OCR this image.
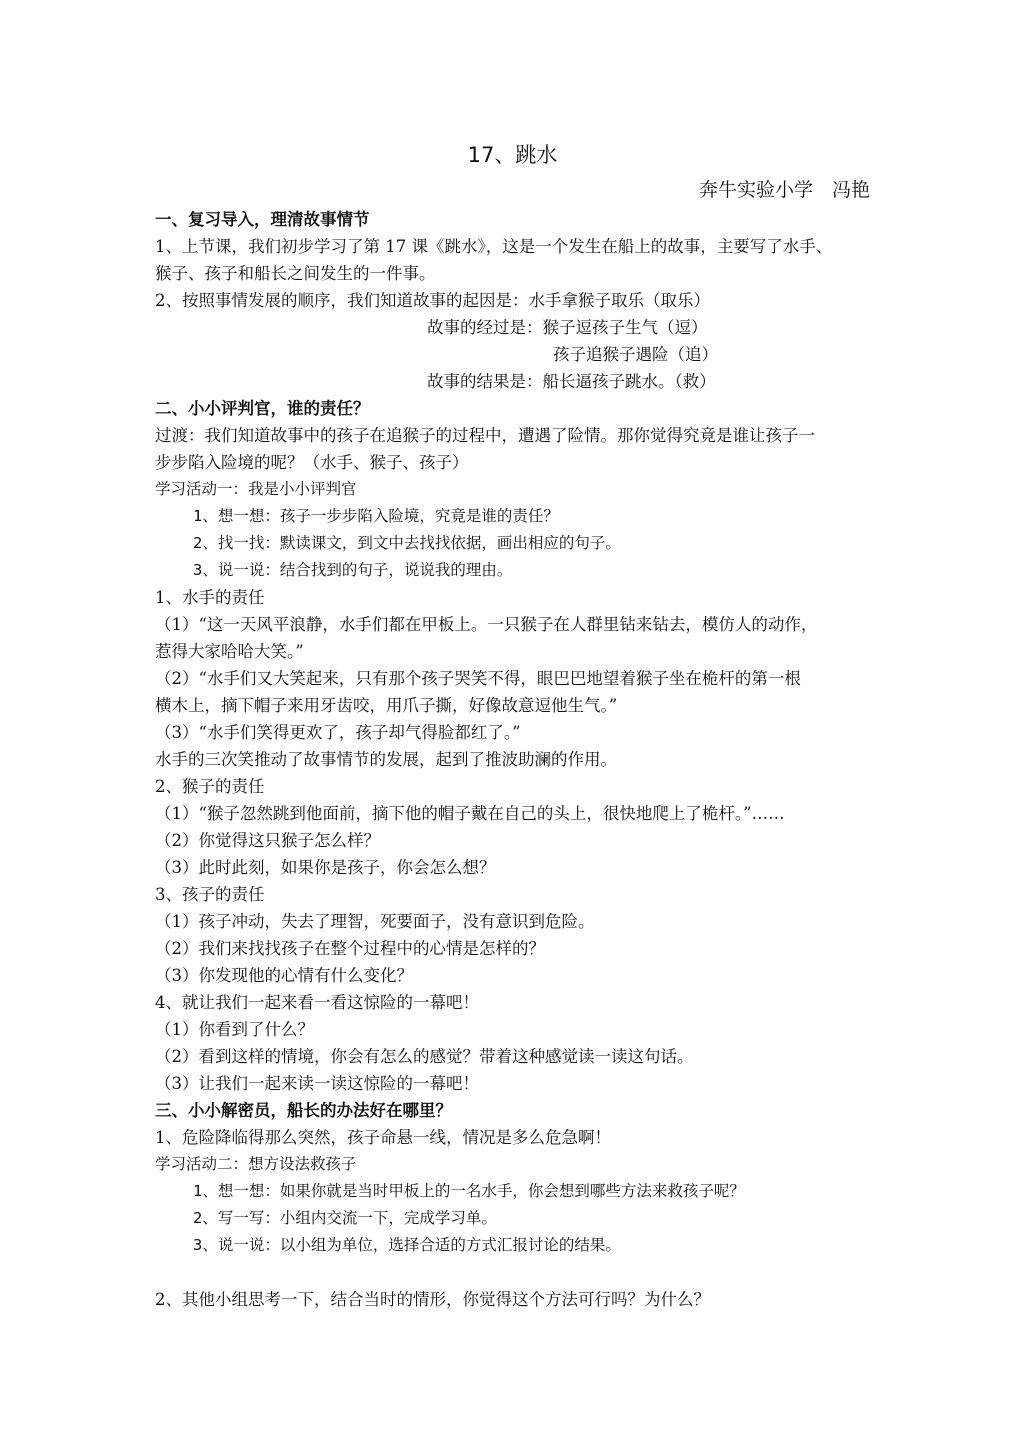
17、跳水
奔牛实验小学　冯艳
一、复习导入，理清故事情节
1、上节课，我们初步学习了第 17 课《跳水》，这是一个发生在船上的故事，主要写了水手、
猴子、孩子和船长之间发生的一件事。
2、按照事情发展的顺序，我们知道故事的起因是：水手拿猴子取乐（取乐）
故事的经过是：猴子逗孩子生气（逗）
孩子追猴子遇险（追）
故事的结果是：船长逼孩子跳水。（救）
二、小小评判官，谁的责任？
过渡：我们知道故事中的孩子在追猴子的过程中，遭遇了险情。那你觉得究竟是谁让孩子一
步步陷入险境的呢？（水手、猴子、孩子）
学习活动一：我是小小评判官
1、想一想：孩子一步步陷入险境，究竟是谁的责任？
2、找一找：默读课文，到文中去找找依据，画出相应的句子。
3、说一说：结合找到的句子，说说我的理由。
1、水手的责任
（1）“这一天风平浪静，水手们都在甲板上。一只猴子在人群里钻来钻去，模仿人的动作，
惹得大家哈哈大笑。”
（2）“水手们又大笑起来，只有那个孩子哭笑不得，眼巴巴地望着猴子坐在桅杆的第一根
横木上，摘下帽子来用牙齿咬，用爪子撕，好像故意逗他生气。”
（3）“水手们笑得更欢了，孩子却气得脸都红了。”
水手的三次笑推动了故事情节的发展，起到了推波助澜的作用。
2、猴子的责任
（1）“猴子忽然跳到他面前，摘下他的帽子戴在自己的头上，很快地爬上了桅杆。”……
（2）你觉得这只猴子怎么样？
（3）此时此刻，如果你是孩子，你会怎么想？
3、孩子的责任
（1）孩子冲动，失去了理智，死要面子，没有意识到危险。
（2）我们来找找孩子在整个过程中的心情是怎样的？
（3）你发现他的心情有什么变化？
4、就让我们一起来看一看这惊险的一幕吧！
（1）你看到了什么？
（2）看到这样的情境，你会有怎么的感觉？带着这种感觉读一读这句话。
（3）让我们一起来读一读这惊险的一幕吧！
三、小小解密员，船长的办法好在哪里？
1、危险降临得那么突然，孩子命悬一线，情况是多么危急啊！
学习活动二：想方设法救孩子
1、想一想：如果你就是当时甲板上的一名水手，你会想到哪些方法来救孩子呢？
2、写一写：小组内交流一下，完成学习单。
3、说一说：以小组为单位，选择合适的方式汇报讨论的结果。
2、其他小组思考一下，结合当时的情形，你觉得这个方法可行吗？为什么？
